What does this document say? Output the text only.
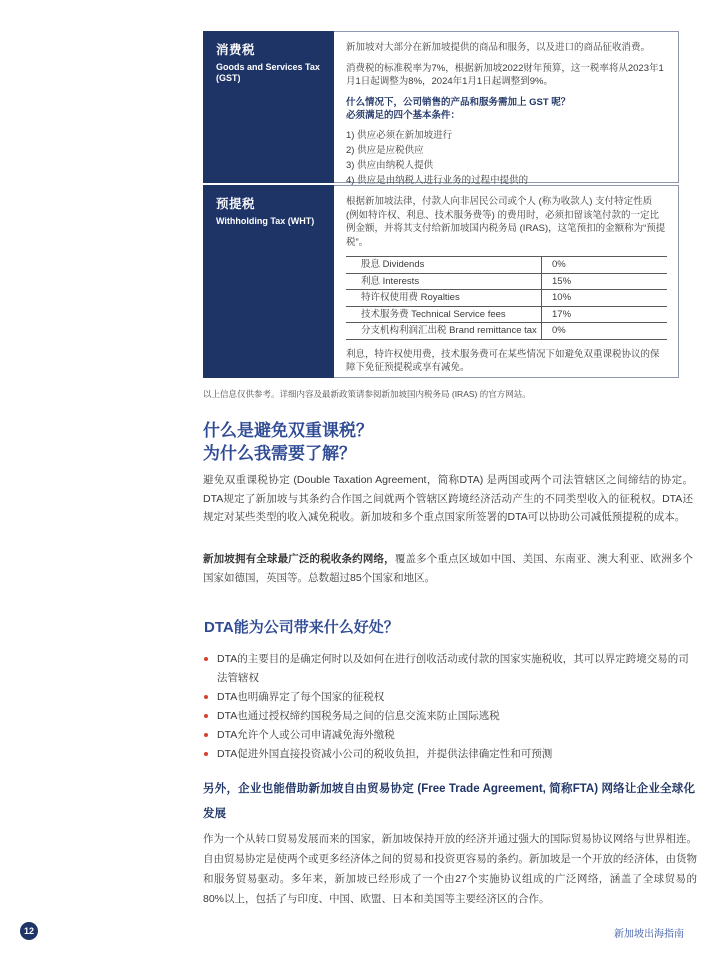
消费税
Goods and Services Tax (GST)

新加坡对大部分在新加坡提供的商品和服务，以及进口的商品征收消费。

消费税的标准税率为7%，根据新加坡2022财年预算，这一税率将从2023年1月1日起调整为8%，2024年1月1日起调整到9%。

什么情况下，公司销售的产品和服务需加上 GST 呢？
必须满足的四个基本条件：
1) 供应必须在新加坡进行
2) 供应是应税供应
3) 供应由纳税人提供
4) 供应是由纳税人进行业务的过程中提供的
预提税
Withholding Tax (WHT)

根据新加坡法律，付款人向非居民公司或个人 (称为收款人) 支付特定性质 (例如特许权、利息、技术服务费等) 的费用时，必须扣留该笔付款的一定比例金额，并将其支付给新加坡国内税务局 (IRAS)，这笔预扣的金额称为“预提税”。

股息 Dividends	0%
利息 Interests	15%
特许权使用费 Royalties	10%
技术服务费 Technical Service fees	17%
分支机构利润汇出税 Brand remittance tax	0%

利息，特许权使用费，技术服务费可在某些情况下如避免双重课税协议的保障下免征预提税或享有减免。

以上信息仅供参考。详细内容及最新政策请参阅新加坡国内税务局 (IRAS) 的官方网站。
什么是避免双重课税？
为什么我需要了解？
避免双重课税协定 (Double Taxation Agreement，简称DTA) 是两国或两个司法管辖区之间缔结的协定。DTA规定了新加坡与其条约合作国之间就两个管辖区跨境经济活动产生的不同类型收入的征税权。DTA还规定对某些类型的收入减免税收。新加坡和多个重点国家所签署的DTA可以协助公司减低预提税的成本。
新加坡拥有全球最广泛的税收条约网络，覆盖多个重点区域如中国、美国、东南亚、澳大利亚、欧洲多个国家如德国，英国等。总数超过85个国家和地区。
DTA能为公司带来什么好处？
DTA的主要目的是确定何时以及如何在进行创收活动或付款的国家实施税收，其可以界定跨境交易的司法管辖权
DTA也明确界定了每个国家的征税权
DTA也通过授权缔约国税务局之间的信息交流来防止国际逃税
DTA允许个人或公司申请减免海外缴税
DTA促进外国直接投资减小公司的税收负担，并提供法律确定性和可预测
另外，企业也能借助新加坡自由贸易协定 (Free Trade Agreement, 简称FTA) 网络让企业全球化发展
作为一个从转口贸易发展而来的国家，新加坡保持开放的经济并通过强大的国际贸易协议网络与世界相连。自由贸易协定是使两个或更多经济体之间的贸易和投资更容易的条约。新加坡是一个开放的经济体，由货物和服务贸易驱动。多年来，新加坡已经形成了一个由27个实施协议组成的广泛网络，涵盖了全球贸易的80%以上，包括了与印度、中国、欧盟、日本和美国等主要经济区的合作。
12	新加坡出海指南
